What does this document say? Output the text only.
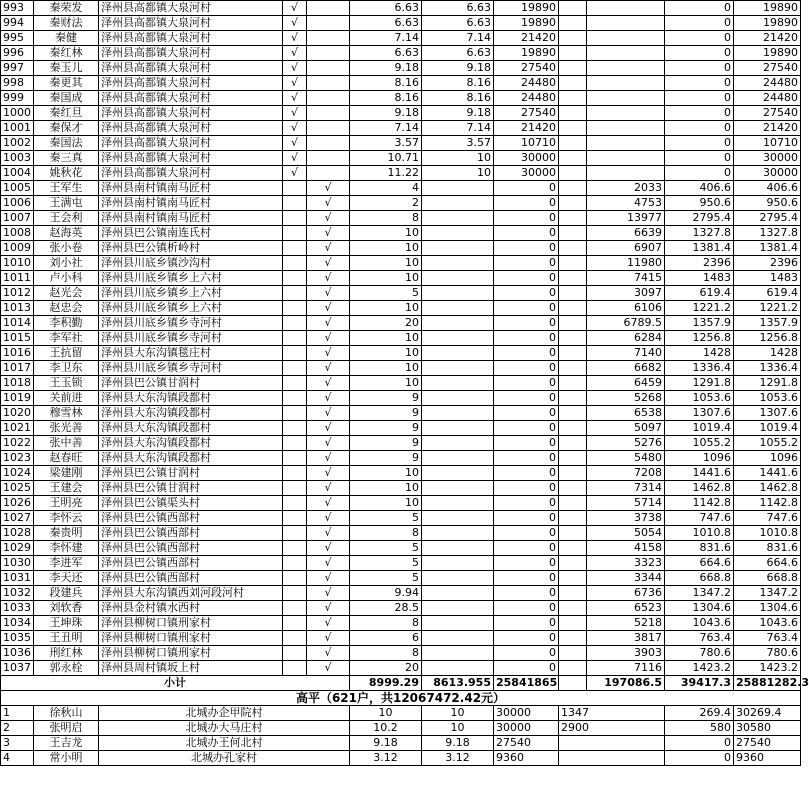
993	秦荣发	泽州县高都镇大泉河村	√		6.63	6.63	19890			0	19890
994	秦财法	泽州县高都镇大泉河村	√		6.63	6.63	19890			0	19890
995	秦健	泽州县高都镇大泉河村	√		7.14	7.14	21420			0	21420
996	秦红林	泽州县高都镇大泉河村	√		6.63	6.63	19890			0	19890
997	秦玉儿	泽州县高都镇大泉河村	√		9.18	9.18	27540			0	27540
998	秦更其	泽州县高都镇大泉河村	√		8.16	8.16	24480			0	24480
999	秦国成	泽州县高都镇大泉河村	√		8.16	8.16	24480			0	24480
1000	秦红旦	泽州县高都镇大泉河村	√		9.18	9.18	27540			0	27540
1001	秦保才	泽州县高都镇大泉河村	√		7.14	7.14	21420			0	21420
1002	秦国法	泽州县高都镇大泉河村	√		3.57	3.57	10710			0	10710
1003	秦三真	泽州县高都镇大泉河村	√		10.71	10	30000			0	30000
1004	姚秋花	泽州县高都镇大泉河村	√		11.22	10	30000			0	30000
1005	王军生	泽州县南村镇南马匠村		√	4		0		2033	406.6	406.6
1006	王满屯	泽州县南村镇南马匠村		√	2		0		4753	950.6	950.6
1007	王会利	泽州县南村镇南马匠村		√	8		0		13977	2795.4	2795.4
1008	赵海英	泽州县巴公镇南连氏村		√	10		0		6639	1327.8	1327.8
1009	张小卷	泽州县巴公镇析岭村		√	10		0		6907	1381.4	1381.4
1010	刘小社	泽州县川底乡镇沙沟村		√	10		0		11980	2396	2396
1011	卢小科	泽州县川底乡镇乡上六村		√	10		0		7415	1483	1483
1012	赵光会	泽州县川底乡镇乡上六村		√	5		0		3097	619.4	619.4
1013	赵忠会	泽州县川底乡镇乡上六村		√	10		0		6106	1221.2	1221.2
1014	李积勤	泽州县川底乡镇乡寺河村		√	20		0		6789.5	1357.9	1357.9
1015	李军社	泽州县川底乡镇乡寺河村		√	10		0		6284	1256.8	1256.8
1016	王抗留	泽州县大东沟镇毯庄村		√	10		0		7140	1428	1428
1017	李卫东	泽州县川底乡镇乡寺河村		√	10		0		6682	1336.4	1336.4
1018	王玉锁	泽州县巴公镇甘润村		√	10		0		6459	1291.8	1291.8
1019	关前进	泽州县大东沟镇段都村		√	9		0		5268	1053.6	1053.6
1020	穆雪林	泽州县大东沟镇段都村		√	9		0		6538	1307.6	1307.6
1021	张光善	泽州县大东沟镇段都村		√	9		0		5097	1019.4	1019.4
1022	张中善	泽州县大东沟镇段都村		√	9		0		5276	1055.2	1055.2
1023	赵春旺	泽州县大东沟镇段都村		√	9		0		5480	1096	1096
1024	梁建刚	泽州县巴公镇甘润村		√	10		0		7208	1441.6	1441.6
1025	王建会	泽州县巴公镇甘润村		√	10		0		7314	1462.8	1462.8
1026	王明亮	泽州县巴公镇渠头村		√	10		0		5714	1142.8	1142.8
1027	李怀云	泽州县巴公镇西部村		√	5		0		3738	747.6	747.6
1028	秦贵明	泽州县巴公镇西部村		√	8		0		5054	1010.8	1010.8
1029	李怀建	泽州县巴公镇西部村		√	5		0		4158	831.6	831.6
1030	李进军	泽州县巴公镇西部村		√	5		0		3323	664.6	664.6
1031	李天还	泽州县巴公镇西部村		√	5		0		3344	668.8	668.8
1032	段建兵	泽州县大东沟镇西刘河段河村		√	9.94		0		6736	1347.2	1347.2
1033	刘软香	泽州县金村镇水西村		√	28.5		0		6523	1304.6	1304.6
1034	王坤珠	泽州县柳树口镇刑家村		√	8		0		5218	1043.6	1043.6
1035	王丑明	泽州县柳树口镇刑家村		√	6		0		3817	763.4	763.4
1036	刑红林	泽州县柳树口镇刑家村		√	8		0		3903	780.6	780.6
1037	郭永栓	泽州县周村镇坂上村		√	20		0		7116	1423.2	1423.2
小计					8999.29	8613.955	25841865		197086.5	39417.3	25881282.3
高平（621户，共12067472.42元）											
1	徐秋山	北城办企甲院村			10	10	30000	1347		269.4	30269.4
2	张明启	北城办大马庄村			10.2	10	30000	2900		580	30580
3	王吉龙	北城办王何北村			9.18	9.18	27540			0	27540
4	常小明	北城办孔家村			3.12	3.12	9360			0	9360
